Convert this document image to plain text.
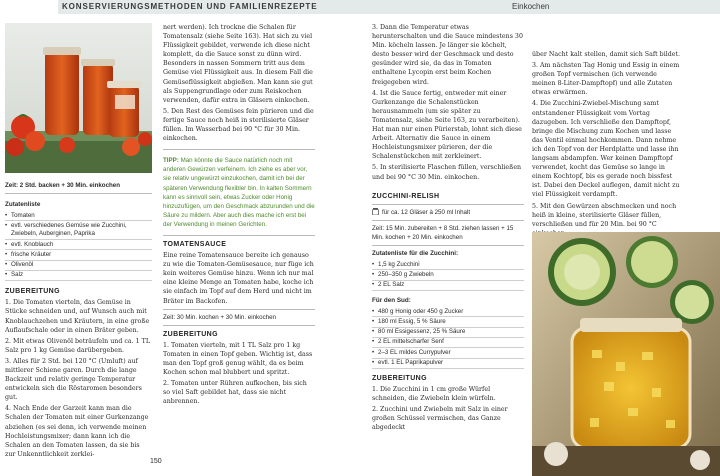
KONSERVIERUNGSMETHODEN UND FAMILIENREZEPTE	Einkochen
Zeit: 2 Std. backen + 30 Min. einkochen
Zutatenliste
• Tomaten
• evtl. verschiedenes Gemüse wie Zucchini, Zwiebeln, Auberginen, Paprika
• evtl. Knoblauch
• frische Kräuter
• Olivenöl
• Salz
ZUBEREITUNG

1. Die Tomaten vierteln, das Gemüse in Stücke schneiden und, auf Wunsch auch mit Knoblauchzehen und Kräutern, in eine große Auflaufschale oder in einen Bräter geben.

2. Mit etwas Olivenöl beträufeln und ca. 1 TL Salz pro 1 kg Gemüse darübergeben.

3. Alles für 2 Std. bei 120 °C (Umluft) auf mittlerer Schiene garen. Durch die lange Backzeit und relativ geringe Temperatur entwickeln sich die Röstaromen besonders gut.

4. Nach Ende der Garzeit kann man die Schalen der Tomaten mit einer Gurkenzange abziehen (es sei denn, ich verwende meinen Hochleistungsmixer; dann kann ich die Schalen an den Tomaten lassen, da sie bis zur Unkenntlichkeit zerklei-

nert werden). Ich trockne die Schalen für Tomatensalz (siehe Seite 163). Hat sich zu viel Flüssigkeit gebildet, verwende ich diese nicht komplett, da die Sauce sonst zu dünn wird. Besonders in nassen Sommern tritt aus dem Gemüse viel Flüssigkeit aus. In diesem Fall die Gemüseflüssigkeit abgießen. Man kann sie gut als Suppengrundlage oder zum Reiskochen verwenden, dafür extra in Gläsern einkochen.

5. Den Rest des Gemüses fein pürieren und die fertige Sauce noch heiß in sterilisierte Gläser füllen. Im Wasserbad bei 90 °C für 30 Min. einkochen.

TIPP: Man könnte die Sauce natürlich noch mit anderen Gewürzen verfeinern. Ich ziehe es aber vor, sie relativ ungewürzt einzukochen, damit ich bei der späteren Verwendung flexibler bin. In kalten Sommern kann es sinnvoll sein, etwas Zucker oder Honig hinzuzufügen, um den Geschmack abzurunden und die Säure zu mildern. Aber auch dies mache ich erst bei der Verwendung in meinen Gerichten.
TOMATENSAUCE

Eine reine Tomatensauce bereite ich genauso zu wie die Tomaten-Gemüsesauce, nur füge ich kein weiteres Gemüse hinzu. Wenn ich nur mal eine kleine Menge an Tomaten habe, koche ich sie einfach im Topf auf dem Herd und nicht im Bräter im Backofen.

Zeit: 30 Min. kochen + 30 Min. einkochen
ZUBEREITUNG

1. Tomaten vierteln, mit 1 TL Salz pro 1 kg Tomaten in einen Topf geben. Wichtig ist, dass man den Topf groß genug wählt, da es beim Kochen schon mal blubbert und spritzt.

2. Tomaten unter Rühren aufkochen, bis sich so viel Saft gebildet hat, dass sie nicht anbrennen.

3. Dann die Temperatur etwas herunterschalten und die Sauce mindestens 30 Min. köcheln lassen. Je länger sie köchelt, desto besser wird der Geschmack und desto gesünder wird sie, da das in Tomaten enthaltene Lycopin erst beim Kochen freigegeben wird.

4. Ist die Sauce fertig, entweder mit einer Gurkenzange die Schalenstücken herausnammeln (um sie später zu Tomatensalz, siehe Seite 163, zu verarbeiten). Hat man nur einen Pürierstab, lohnt sich diese Arbeit. Alternativ die Sauce in einem Hochleistungsmixer pürieren, der die Schalenstückchen mit zerkleinert.

5. In sterilisierte Flaschen füllen, verschließen und bei 90 °C 30 Min. einkochen.

ZUCCHINI-RELISH
für ca. 12 Gläser à 250 ml Inhalt
Zeit: 15 Min. zubereiten + 8 Std. ziehen lassen + 15 Min. kochen + 20 Min. einkochen
Zutatenliste für die Zucchini:
• 1,5 kg Zucchini
• 250–350 g Zwiebeln
• 2 EL Salz
Für den Sud:
• 480 g Honig oder 450 g Zucker
• 180 ml Essig, 5 % Säure
• 80 ml Essigessenz, 25 % Säure
• 2 EL mittelscharfer Senf
• 2–3 EL mildes Currypulver
• evtl. 1 EL Paprikapulver
ZUBEREITUNG

1. Die Zucchini in 1 cm große Würfel schneiden, die Zwiebeln klein würfeln.

2. Zucchini und Zwiebeln mit Salz in einer großen Schüssel vermischen, das Ganze abgedeckt

über Nacht kalt stellen, damit sich Saft bildet.

3. Am nächsten Tag Honig und Essig in einem großen Topf vermischen (ich verwende meinen 8-Liter-Dampftopf) und alle Zutaten etwas erwärmen.

4. Die Zucchini-Zwiebel-Mischung samt entstandener Flüssigkeit vom Vortag dazugeben. Ich verschließe den Dampftopf, bringe die Mischung zum Kochen und lasse das Ventil einmal hochkommen. Dann nehme ich den Topf von der Herdplatte und lasse ihn langsam abdampfen. Wer keinen Dampftopf verwendet, kocht das Gemüse so lange in einem Kochtopf, bis es gerade noch bissfest ist. Dabei den Deckel auflegen, damit nicht zu viel Flüssigkeit verdampft.

5. Mit den Gewürzen abschmecken und noch heiß in kleine, sterilisierte Gläser füllen, verschließen und für 20 Min. bei 90 °C

150
